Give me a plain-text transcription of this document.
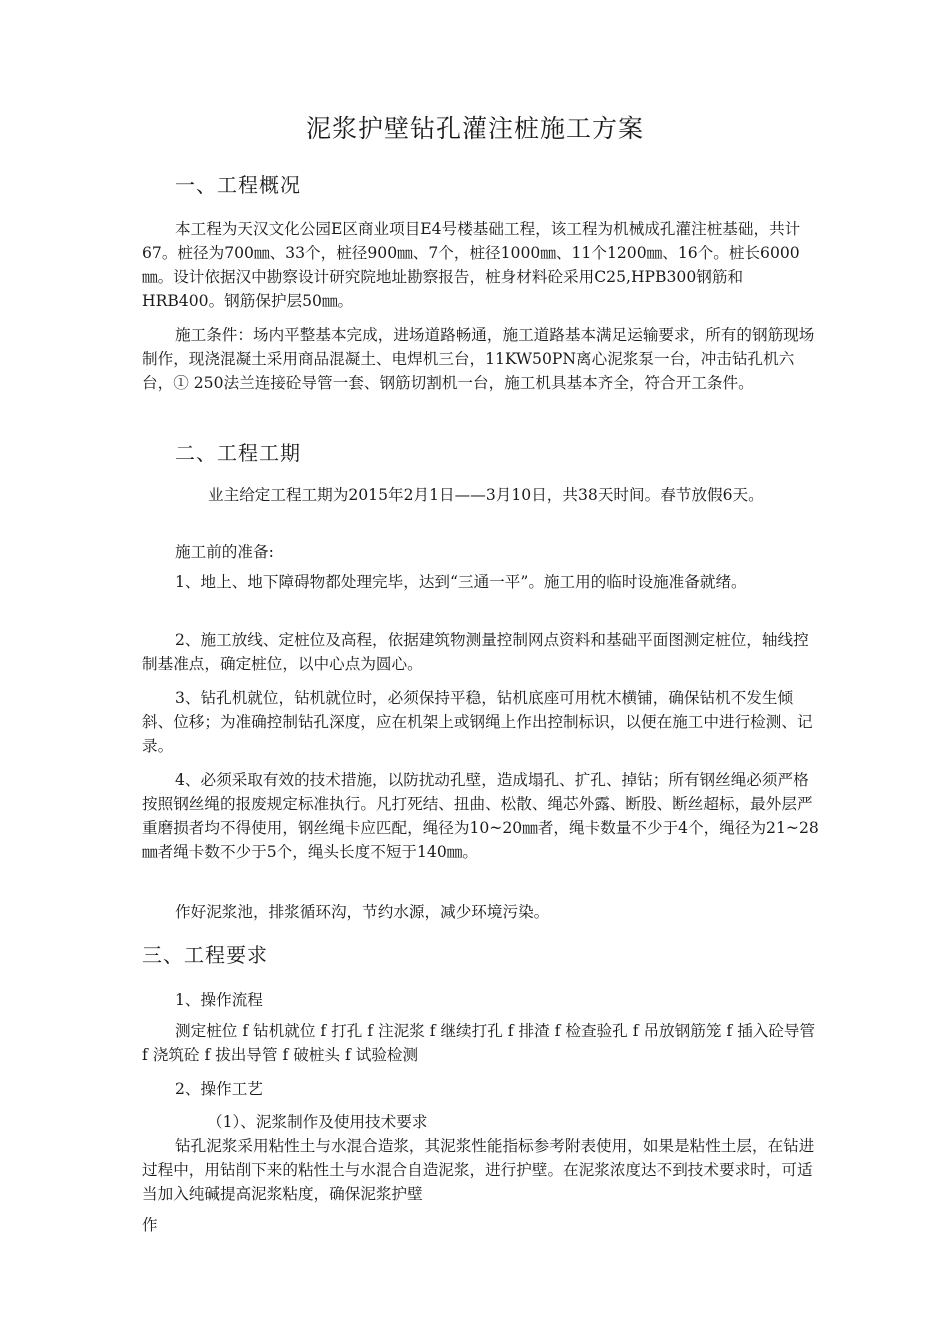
泥浆护壁钻孔灌注桩施工方案
一、工程概况

本工程为天汉文化公园E区商业项目E4号楼基础工程，该工程为机械成孔灌注桩基础，共计67。桩径为700㎜、33个，桩径900㎜、7个，桩径1000㎜、11个1200㎜、16个。桩长6000㎜。设计依据汉中勘察设计研究院地址勘察报告，桩身材料砼采用C25,HPB300钢筋和HRB400。钢筋保护层50㎜。

施工条件：场内平整基本完成，进场道路畅通，施工道路基本满足运输要求，所有的钢筋现场制作，现浇混凝土采用商品混凝土、电焊机三台，11KW50PN离心泥浆泵一台，冲击钻孔机六台，① 250法兰连接砼导管一套、钢筋切割机一台，施工机具基本齐全，符合开工条件。

二、工程工期

业主给定工程工期为2015年2月1日——3月10日，共38天时间。春节放假6天。

施工前的准备:

1、地上、地下障碍物都处理完毕，达到“三通一平”。施工用的临时设施准备就绪。

2、施工放线、定桩位及高程，依据建筑物测量控制网点资料和基础平面图测定桩位，轴线控制基准点，确定桩位，以中心点为圆心。

3、钻孔机就位，钻机就位时，必须保持平稳，钻机底座可用枕木横铺，确保钻机不发生倾斜、位移；为准确控制钻孔深度，应在机架上或钢绳上作出控制标识，以便在施工中进行检测、记录。

4、必须采取有效的技术措施，以防扰动孔壁，造成塌孔、扩孔、掉钻；所有钢丝绳必须严格按照钢丝绳的报废规定标准执行。凡打死结、扭曲、松散、绳芯外露、断股、断丝超标，最外层严重磨损者均不得使用，钢丝绳卡应匹配，绳径为10~20㎜者，绳卡数量不少于4个，绳径为21~28㎜者绳卡数不少于5个，绳头长度不短于140㎜。

作好泥浆池，排浆循环沟，节约水源，减少环境污染。

三、工程要求
1、操作流程

测定桩位 f 钻机就位 f 打孔 f 注泥浆 f 继续打孔 f 排渣 f 检查验孔 f 吊放钢筋笼 f 插入砼导管 f 浇筑砼 f 拔出导管 f 破桩头 f 试验检测

2、操作工艺
（1）、泥浆制作及使用技术要求

钻孔泥浆采用粘性土与水混合造浆，其泥浆性能指标参考附表使用，如果是粘性土层，在钻进过程中，用钻削下来的粘性土与水混合自造泥浆，进行护壁。在泥浆浓度达不到技术要求时，可适当加入纯碱提高泥浆粘度，确保泥浆护壁

作
